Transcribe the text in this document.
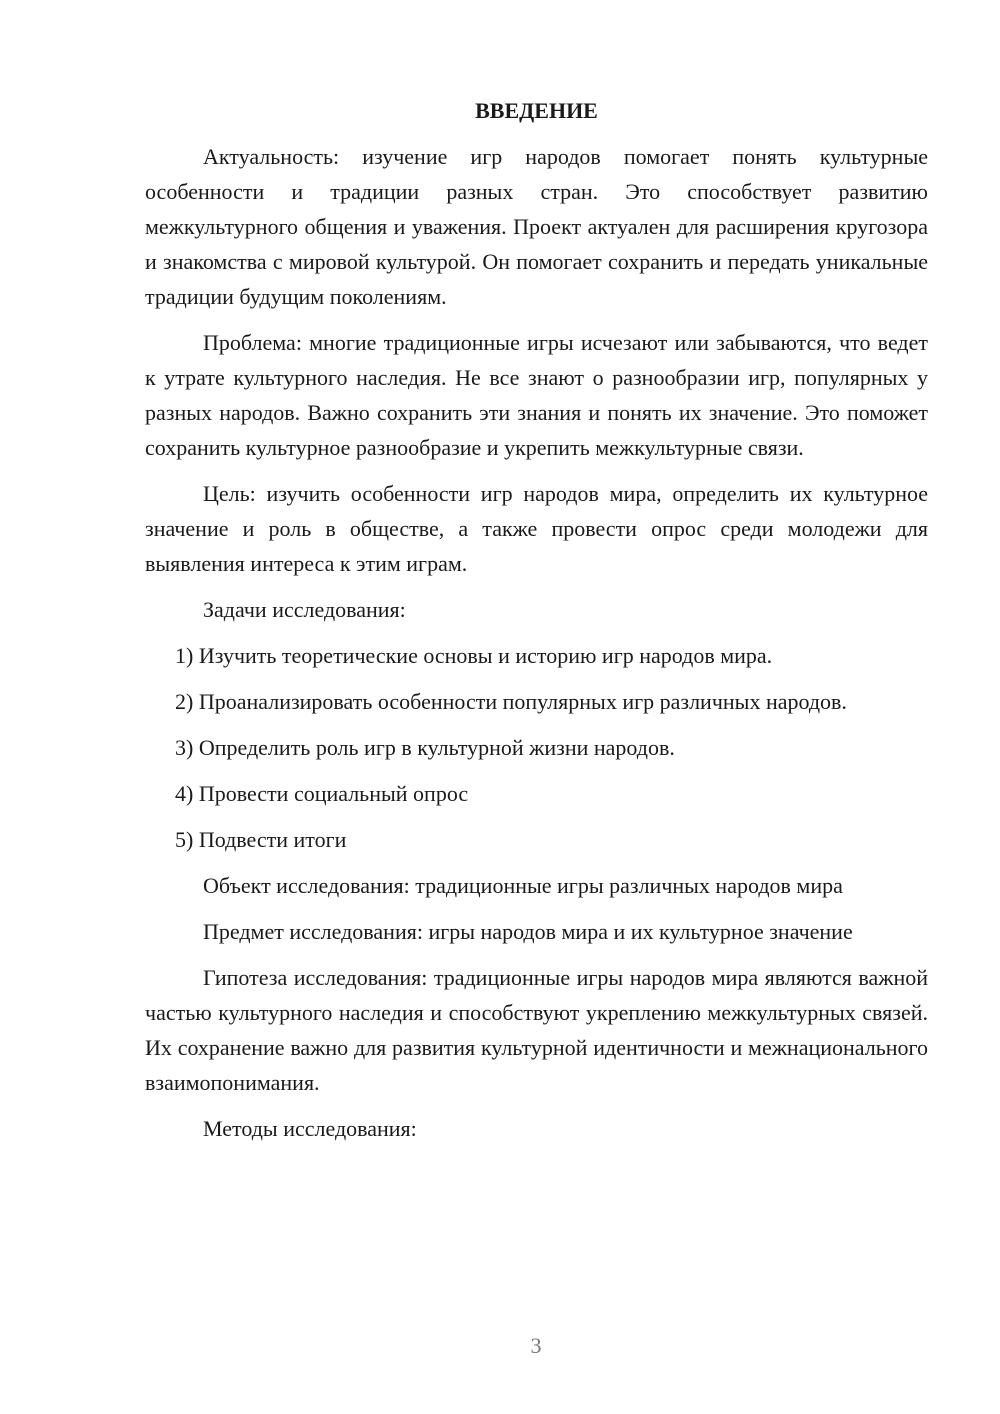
ВВЕДЕНИЕ

Актуальность: изучение игр народов помогает понять культурные особенности и традиции разных стран. Это способствует развитию межкультурного общения и уважения. Проект актуален для расширения кругозора и знакомства с мировой культурой. Он помогает сохранить и передать уникальные традиции будущим поколениям.

Проблема: многие традиционные игры исчезают или забываются, что ведет к утрате культурного наследия. Не все знают о разнообразии игр, популярных у разных народов. Важно сохранить эти знания и понять их значение. Это поможет сохранить культурное разнообразие и укрепить межкультурные связи.

Цель: изучить особенности игр народов мира, определить их культурное значение и роль в обществе, а также провести опрос среди молодежи для выявления интереса к этим играм.

Задачи исследования:

1) Изучить теоретические основы и историю игр народов мира.

2) Проанализировать особенности популярных игр различных народов.

3) Определить роль игр в культурной жизни народов.

4) Провести социальный опрос

5) Подвести итоги

Объект исследования: традиционные игры различных народов мира

Предмет исследования: игры народов мира и их культурное значение

Гипотеза исследования: традиционные игры народов мира являются важной частью культурного наследия и способствуют укреплению межкультурных связей. Их сохранение важно для развития культурной идентичности и межнационального взаимопонимания.

Методы исследования:

3
